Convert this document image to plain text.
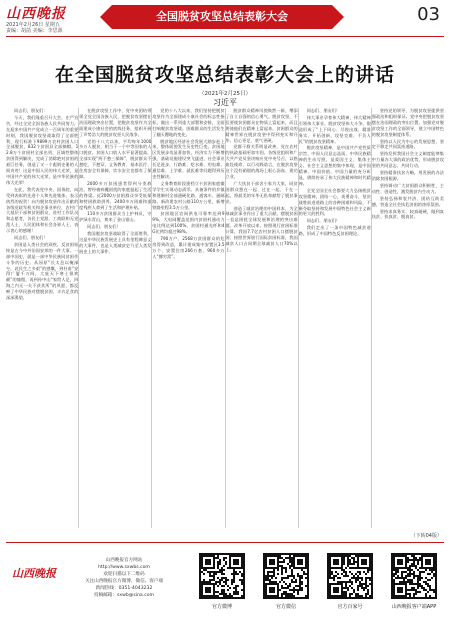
山西晚报
2021年2月26日 星期五
责编：胡菡 美编：李思源
全国脱贫攻坚总结表彰大会	03
在全国脱贫攻坚总结表彰大会上的讲话
（2021年2月25日）
习近平

同志们，朋友们：

今天，我们隆重召开大会，庄严宣告，经过全党全国各族人民共同努力，在迎来中国共产党成立一百周年的重要时刻，我国脱贫攻坚战取得了全面胜利，现行标准下9899万农村贫困人口全部脱贫，832个贫困县全部摘帽，12.8万个贫困村全部出列，区域性整体贫困得到解决，完成了消除绝对贫困的艰巨任务，创造了又一个彪炳史册的人间奇迹！这是中国人民的伟大光荣，是中国共产党的伟大光荣，是中华民族的伟大光荣！

在此，我代表党中央、国务院，向受到表彰的先进个人和先进集体，表示热烈的祝贺！向为脱贫攻坚作出贡献的各级党政军机关和企事业单位，农村广大基层干部和贫困群众，驻村工作队员和志愿者，各民主党派、工商联和无党派人士，人民团体和社会各界人士，表示衷心的感谢！

同志们、朋友们！

贫困是人类社会的顽疾。反贫困始终是古今中外治国安邦的一件大事。一部中国史，就是一部中华民族同贫困作斗争的历史。从屈原“长太息以掩涕兮，哀民生之多艰”的感慨，到杜甫“安得广厦千万间，大庇天下寒士俱欢颜”的憧憬，再到孙中山“家给人足，四海之内无一夫不获其所”的夙愿，都反映了中华民族对摆脱贫困、丰衣足食的深深渴望。

在脱贫攻坚工作中，党中央团结带领全党全国各族人民，把脱贫攻坚摆在治国理政突出位置，把脱贫攻坚作为全面建成小康社会的底线任务，组织开展了声势浩大的脱贫攻坚人民战争。

党的十八大以来，平均每年1000多万人脱贫，相当于一个中等国家的人口脱贫。贫困人口收入水平显著提高，全部实现“两不愁三保障”，脱贫群众不愁吃、不愁穿，义务教育、基本医疗、住房安全有保障，饮水安全也都有了保障。

2000多万贫困患者得到分类救治，曾经被病魔困扰的家庭挺起了生活的脊梁。近2000万贫困群众享受低保和特困救助供养，2400多万困难和重度残疾人拿到了生活和护理补贴。

110多万贫困群众当上护林员，守护绿水青山，换来了金山银山。

同志们、朋友们！

我国脱贫攻坚战取得了全面胜利，这是中华民族发展史上具有里程碑意义的大事件，也是人类减贫史乃至人类发展史上的大事件。

党的十八大以来，我们坚持把脱贫攻坚作为全面建成小康社会的标志性指标，做出一系列重大部署和安排，全面打响脱贫攻坚战。困难群众的生活发生了翻天覆地的变化。

脱贫地区经济社会发展大踏步赶上来，整体面貌发生历史性巨变。贫困地区发展步伐显著加快，经济实力不断增强，基础设施建设突飞猛进，社会事业长足进步，行路难、吃水难、用电难、通信难、上学难、就医难等问题得到历史性解决。

义务教育阶段建档立卡贫困家庭辍学学生实现动态清零。具备条件的乡镇和建制村全部通硬化路、通客车、通邮路。新改建农村公路110万公里，新增铁路里程3.5万公里。

贫困地区农网供电可靠率达到99%，大电网覆盖范围内贫困村通动力电比例达到100%，贫困村通光纤和4G比例均超过98%。

790万户、2568万贫困群众的危房得到改造，累计建成集中安置区3.5万个、安置住房266万套，960多万人“挪穷窝”。

脱贫群众精神风貌焕然一新，增添了自立自强的信心勇气。脱贫攻坚，不仅要使贫困群众在物质上富起来，而且要使他们在精神上富起来。贫困群众的精神世界在脱贫攻坚中得到充实和升华，信心更足、底气更硬。

党群干群关系明显改善，党在农村的执政基础更加牢固。各级党组织和广大共产党员坚决响应党中央号召，以热血赴使命、以行动践诺言，在脱贫攻坚这个没有硝烟的战场上呕心沥血、建功立业。

广大扶贫干部舍小家为大家，同贫困群众想在一起、过在一起、干在一起，将最美的年华无私奉献给了脱贫事业。

创造了减贫治理的中国样本，为全球减贫事业作出了重大贡献。摆脱贫困一直是困扰全球发展和治理的突出难题。改革开放以来，按照现行贫困标准计算，我国7.7亿农村贫困人口摆脱贫困；按照世界银行国际贫困标准，我国减贫人口占同期全球减贫人口70%以上。

同志们、朋友们！

伟大事业孕育伟大精神，伟大精神引领伟大事业。脱贫攻坚伟大斗争，锻造形成了“上下同心、尽锐出战、精准务实、开拓创新、攻坚克难、不负人民”的脱贫攻坚精神。

脱贫攻坚精神，是中国共产党性质宗旨、中国人民意志品质、中华民族精神的生动写照，是爱国主义、集体主义、社会主义思想的集中体现，是中国精神、中国价值、中国力量的充分彰显，赓续传承了伟大民族精神和时代精神。

全党全国全社会都要大力弘扬脱贫攻坚精神，团结一心，英勇奋斗，坚决战胜前进道路上的各种困难和风险，不断夺取坚持和发展中国特色社会主义新的更大的胜利。

同志们、朋友们！

我们走出了一条中国特色减贫道路，形成了中国特色反贫困理论。

坚持党的领导，为脱贫攻坚提供坚强政治和组织保证。党中央把脱贫攻坚摆在治国理政的突出位置，加强党对脱贫攻坚工作的全面领导，建立中国特色的脱贫攻坚制度体系。

坚持以人民为中心的发展思想，坚定不移走共同富裕道路。

坚持发挥我国社会主义制度能够集中力量办大事的政治优势，形成脱贫攻坚的共同意志、共同行动。

坚持精准扶贫方略，用发展的办法消除贫困根源。

坚持调动广大贫困群众积极性、主动性、创造性，激发脱贫内生动力。

坚持弘扬和衷共济、团结互助美德，营造全社会扶危济困的浓厚氛围。

坚持求真务实、较真碰硬，做到真扶贫、扶真贫、脱真贫。

（下转04版）
山西晚报
山西晚报官方网站
http://www.sxwbs.com
欢迎扫描以下二维码
关注山西晚报官方微博、微信、客户端
新闻热线：0351-4043232
投稿邮箱：sxwb@sina.com
官方微博	官方微信	官方百家号	山西晚报客户端APP
